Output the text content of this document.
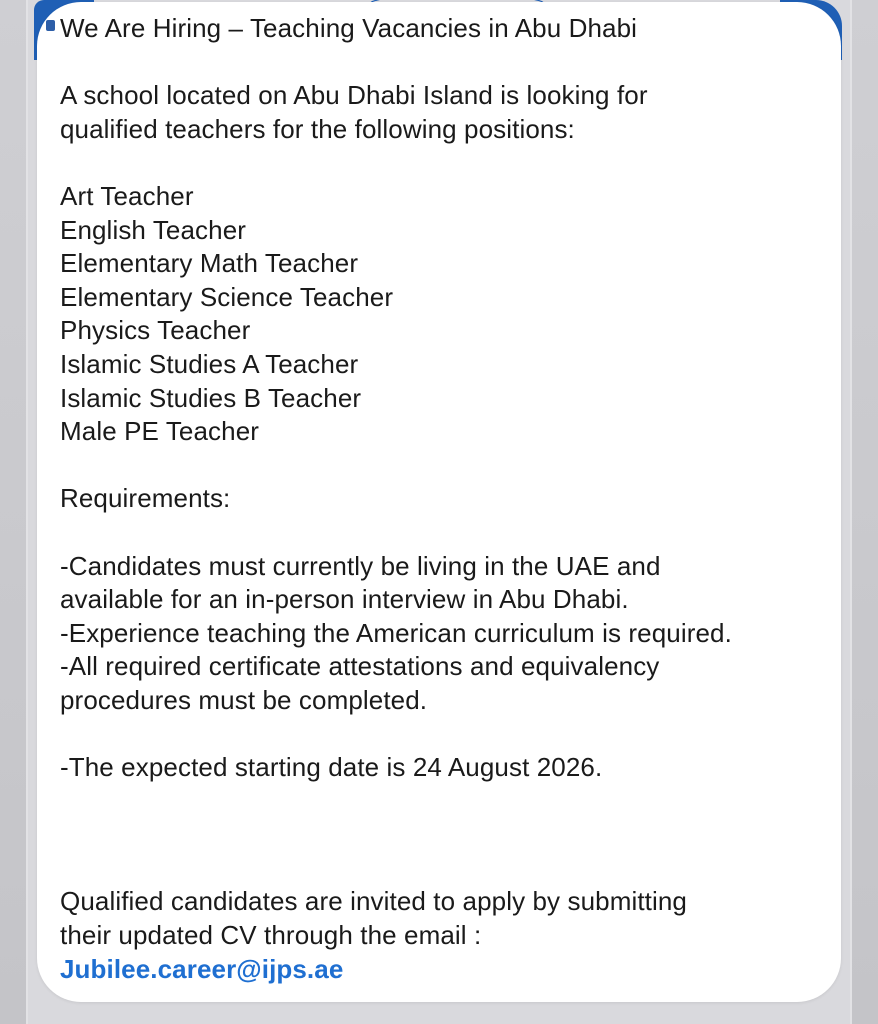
We Are Hiring – Teaching Vacancies in Abu Dhabi
A school located on Abu Dhabi Island is looking for
qualified teachers for the following positions:
Art Teacher
English Teacher
Elementary Math Teacher
Elementary Science Teacher
Physics Teacher
Islamic Studies A Teacher
Islamic Studies B Teacher
Male PE Teacher
Requirements:
-Candidates must currently be living in the UAE and
available for an in-person interview in Abu Dhabi.
-Experience teaching the American curriculum is required.
-All required certificate attestations and equivalency
procedures must be completed.
-The expected starting date is 24 August 2026.
Qualified candidates are invited to apply by submitting
their updated CV through the email :
Jubilee.career@ijps.ae
